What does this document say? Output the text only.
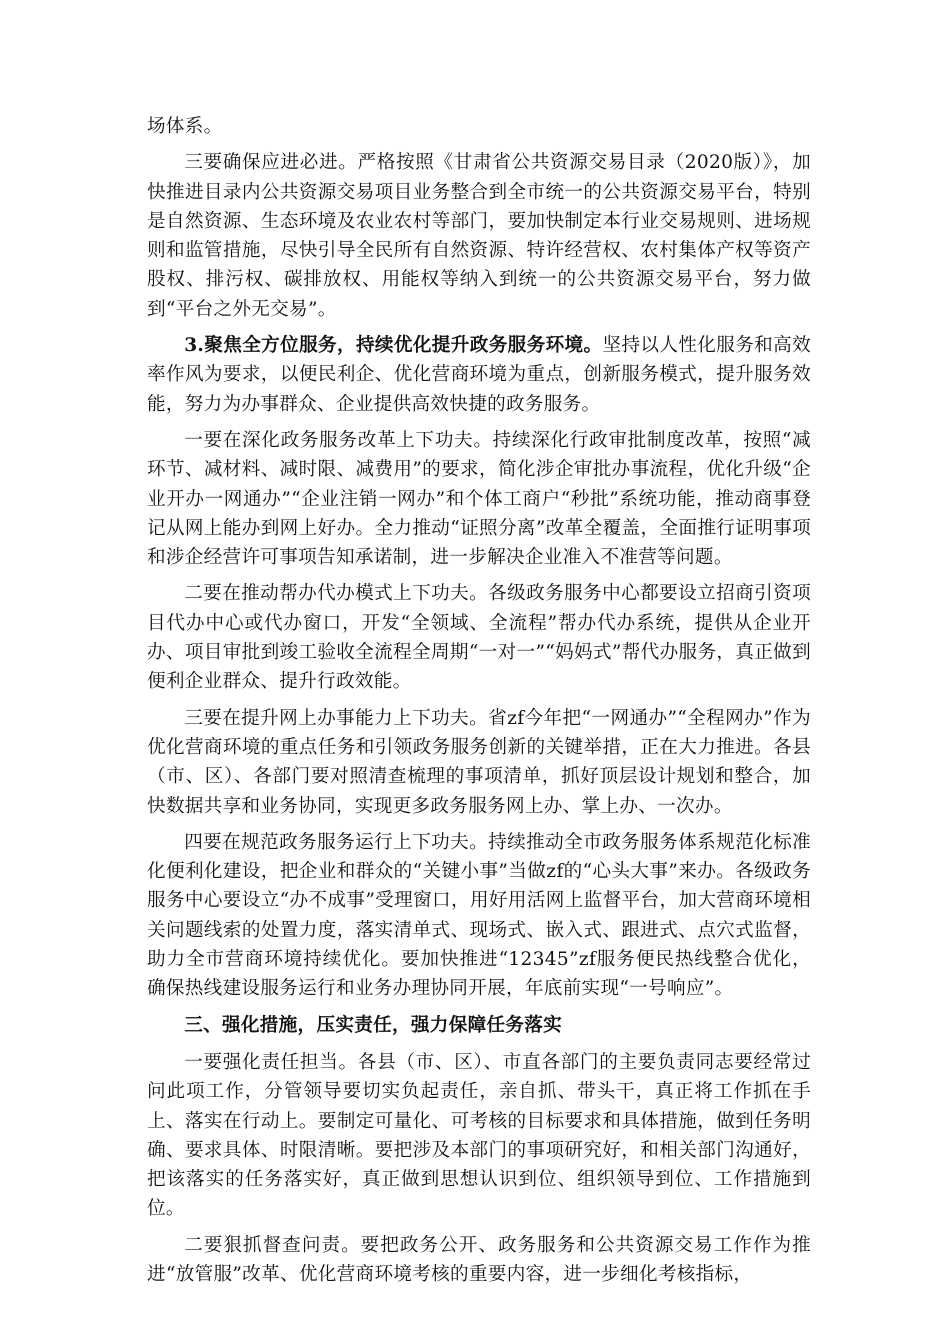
场体系。

三要确保应进必进。严格按照《甘肃省公共资源交易目录（2020版）》，加快推进目录内公共资源交易项目业务整合到全市统一的公共资源交易平台，特别是自然资源、生态环境及农业农村等部门，要加快制定本行业交易规则、进场规则和监管措施，尽快引导全民所有自然资源、特许经营权、农村集体产权等资产股权、排污权、碳排放权、用能权等纳入到统一的公共资源交易平台，努力做到“平台之外无交易”。

3.聚焦全方位服务，持续优化提升政务服务环境。坚持以人性化服务和高效率作风为要求，以便民利企、优化营商环境为重点，创新服务模式，提升服务效能，努力为办事群众、企业提供高效快捷的政务服务。

一要在深化政务服务改革上下功夫。持续深化行政审批制度改革，按照“减环节、减材料、减时限、减费用”的要求，简化涉企审批办事流程，优化升级“企业开办一网通办”“企业注销一网办”和个体工商户“秒批”系统功能，推动商事登记从网上能办到网上好办。全力推动“证照分离”改革全覆盖，全面推行证明事项和涉企经营许可事项告知承诺制，进一步解决企业准入不准营等问题。

二要在推动帮办代办模式上下功夫。各级政务服务中心都要设立招商引资项目代办中心或代办窗口，开发“全领域、全流程”帮办代办系统，提供从企业开办、项目审批到竣工验收全流程全周期“一对一”“妈妈式”帮代办服务，真正做到便利企业群众、提升行政效能。

三要在提升网上办事能力上下功夫。省zf今年把“一网通办”“全程网办”作为优化营商环境的重点任务和引领政务服务创新的关键举措，正在大力推进。各县（市、区）、各部门要对照清查梳理的事项清单，抓好顶层设计规划和整合，加快数据共享和业务协同，实现更多政务服务网上办、掌上办、一次办。

四要在规范政务服务运行上下功夫。持续推动全市政务服务体系规范化标准化便利化建设，把企业和群众的“关键小事”当做zf的“心头大事”来办。各级政务服务中心要设立“办不成事”受理窗口，用好用活网上监督平台，加大营商环境相关问题线索的处置力度，落实清单式、现场式、嵌入式、跟进式、点穴式监督，助力全市营商环境持续优化。要加快推进“12345”zf服务便民热线整合优化，确保热线建设服务运行和业务办理协同开展，年底前实现“一号响应”。

三、强化措施，压实责任，强力保障任务落实

一要强化责任担当。各县（市、区）、市直各部门的主要负责同志要经常过问此项工作，分管领导要切实负起责任，亲自抓、带头干，真正将工作抓在手上、落实在行动上。要制定可量化、可考核的目标要求和具体措施，做到任务明确、要求具体、时限清晰。要把涉及本部门的事项研究好，和相关部门沟通好，把该落实的任务落实好，真正做到思想认识到位、组织领导到位、工作措施到位。

二要狠抓督查问责。要把政务公开、政务服务和公共资源交易工作作为推进“放管服”改革、优化营商环境考核的重要内容，进一步细化考核指标，
